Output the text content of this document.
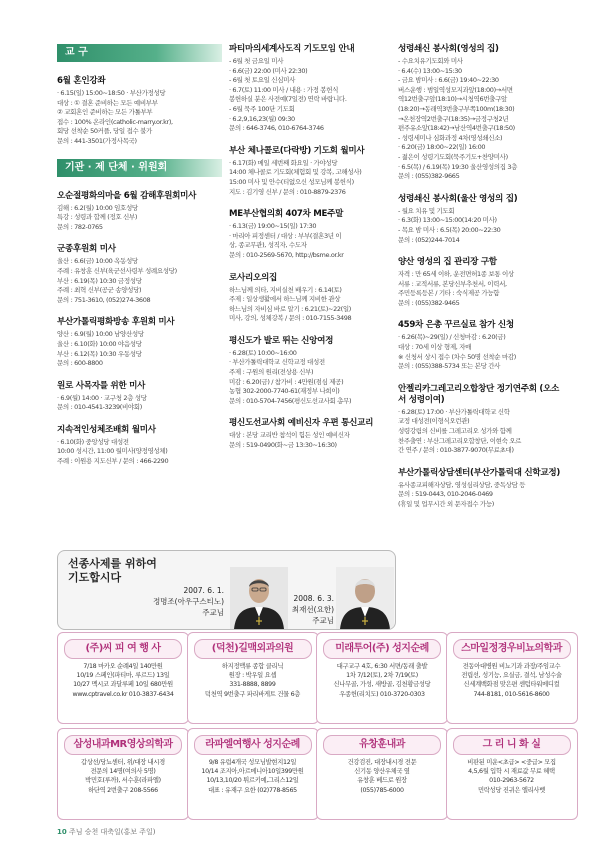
교 구
6월 혼인강좌
· 6.15(일) 15:00~18:50 · 부산가정성당
대상 : ① 결혼 준비하는 모든 예비부부
② 교회혼인 준비하는 모든 가톨부부
접수 : 100% 온라인(catholic-marry.or.kr),
회당 선착순 50커플, 당일 접수 불가
문의 : 441-3501(가정사목국)
기관 · 제 단체 · 위원회
오순절평화의마을 6월 감해후원회미사
김해 : 6.2(월) 10:00 임호성당
특강 : 성령과 합께 (정호 신부)
문의 : 782-0765
군종후원회 미사
울산 : 6.6(금) 10:00 옥동성당
주례 : 유창훈 신부(육군선사령부 성례요성당)
부산 : 6.19(목) 10:30 금정성당
주례 : 최혁 신부(공군 송양성당)
문의 : 751-3610, (052)274-3608
부산가톨릭평화방송 후원회 미사
양산 : 6.9(월) 10:00 남양산성당
울산 : 6.10(화) 10:00 야음성당
부산 : 6.12(목) 10:30 우동성당
문의 : 600-8800
원로 사목자를 위한 미사
· 6.9(월) 14:00 · 교구청 2층 성당
문의 : 010-4541-3239(비야회)
지속적인성체조배회 월미사
· 6.10(화) 중앙성당 대성전
10:00 성시간, 11:00 월미사(양정영성체)
주례 : 이원용 지도신부 / 문의 : 466-2290
파티마의세계사도직 기도모임 안내
- 6월 첫 금요일 미사
· 6.6(금) 22:00 (미사 22:30)
- 6월 첫 토요일 신심미사
· 6.7(토) 11:00 미사 / 내용 : 가정 봉헌식
봉헌하실 분은 사전예(7일전) 연락 바랍니다.
- 6월 묵주 100단 기도회
· 6.2,9,16,23(월) 09:30
문의 : 646-3746, 010-6764-3746
부산 체나콜로(다락방) 기도회 월미사
· 6.17(화) 메일 세번째 화요일 · 가야성당
14:00 체나콜로 기도회(체험회 및 강복, 고해성사)
15:00 미사 및 안수(티없으신 성모님께 봉헌식)
지도 : 김기영 신부 / 문의 : 010-8879-2376
ME부산협의회 407차 ME주말
· 6.13(금) 19:00~15(일) 17:30
· 마리아 피정센터 / 대상 : 부부(결혼3년 이
상, 종교무관), 성직자, 수도자
문의 : 010-2569-5670, http://bsme.or.kr
로사리오의집
하느님께 의타, 지비실천 배우기 : 6.14(토)
주제 : 일상생활에서 하느님께 지비한 관상
하느님의 자비심 바로 알기 : 6.21(토)~22(일)
미사, 강의, 성체강복 / 문의 : 010-7155-3498
평신도가 발로 뛰는 신앙여정
· 6.28(토) 10:00~16:00
· 부산가톨릭대학교 신학교정 대성전
주제 : 구원의 원리(전상용 신부)
미감 : 6.20(금) / 참가비 : 4만원(점심 제공)
농협 302-2000-7740-61(재정부 나희이)
문의 : 010-5704-7456(평신도선교사회 총무)
평신도선교사회 예비신자 우편 통신교리
대상 : 본당 교리반 참석이 힘든 성인 예비신자
문의 : 519-0490(화~금 13:30~16:30)
성령쇄신 봉사회(영성의 집)
- 수요치유기도회와 미사
· 6.4(수) 13:00~15:30
- 금요 밤미사 : 6.6(금) 19:40~22:30
버스운행 : 범일역성모지과앞(18:00)→서면
역12번출구앞(18:10)→시청역6번출구앞
(18:20)→동래역3번출구부쪽100m(18:30)
→온천장역2번출구(18:35)→금정구청2년
편주유소앞(18:42)→남산역4번출구(18:50)
- 성령세미나 심화과정 4차(영성쇄신소)
· 6.20(금) 18:00~22(일) 16:00
- 젊은이 성령기도회(묵주기도+찬양미사)
· 6.5(목) / 6.19(목) 19:30 울산영성의집 3층
문의 : (055)382-9665
성령쇄신 봉사회(울산 영성의 집)
- 월요 치유 및 기도회
· 6.3(화) 13:00~15:00(14:20 미사)
- 목요 밤 미사 : 6.5(목) 20:00~22:30
문의 : (052)244-7014
양산 영성의 집 관리장 구함
자격 : 만 65세 이하, 운전면허1종 보통 이상
서류 : 교적서류, 본당신부추천서, 이력서,
주민등록등본 / 기타 : 숙식제공 가능함
문의 : (055)382-9465
459차 은총 꾸르실료 참가 신청
· 6.26(목)~29(일) / 신청마감 : 6.20(금)
대상 : 70세 이상 형제, 자매
※ 신청서 상시 접수 (차수 50명 선착순 마감)
문의 : (055)388-5734 또는 본당 간사
안젤리카그레고리오합창단 정기연주회 (오소서 성령이여)
· 6.28(토) 17:00 · 부산가톨릭대학교 신학
교정 대성전(이형식오런관)
성령강림의 신비를 그레고리오 성가와 함께
찬주출연 : 부산그레고리오합창단, 이현숙 오르
간 연주 / 문의 : 010-3877-9070(무료초대)
부산가톨릭상담센터(부산가톨릭대 신학교정)
유사종교피해자상담, 영성심리상담, 중독상담 등
문의 : 519-0443, 010-2046-0469
(휴일 및 업무시간 외 문자접수 가능)
선종사제를 위하여
기도합시다
2007. 6. 1.
정명조(아우구스티노)
주교님
2008. 6. 3.
최재선(요한)
주교님
(주)씨 피 여 행 사
7/18 마카오 순례4일 140만원
10/19 스페인(파티마, 루르드) 13일
10/27 멕시코 과달루페 10일 680만원
www.cptravel.co.kr 010-3837-6434
(덕천)길맥외과의원
하지정맥류 종합 클리닉
원장 : 박우일 요셉
331-8888, 8899
덕천역 9번출구 파리바게트 건물 6층
미래투어(주) 성지순례
대구교구 4호, 6:30 서면/동래 출발
1차 7/12(토), 2차 7/19(토)
신나무골, 가성, 새방골, 김천황금성당
우종헌(리치도) 010-3720-0303
스마일정경우비뇨의학과
전동아대병원 비뇨기과 과장/주임교수
전립선, 성기능, 요실금, 결석, 남성수술
신세계백화점 맞은편 센텀타워메디컬
744-8181, 010-5616-8600
삼성내과MR영상의학과
갑상선/당뇨센터, 위/대장 내시경
전문의 14명(여의사 5명)
박민호(루까), 서수훈(라파엘)
하단역 2번출구 208-5566
라파엘여행사 성지순례
9/8 유럽4개국 성모님발현지12일
10/14 조지아,아르메니아10일399만원
10/13,10/20 튀르키예,그리스12일
대표 : 유재구 요한 (02)778-8565
유창훈내과
건강검진, 대장내시경 전문
신기동 양산우체국 옆
유창훈 베드로 원장
(055)785-6000
그 리 니 화 실
비판된 미운<초급> <중급> 모집
4,5,6월 입학 시 재료값 무료 혜택
010-2963-5672
민락성당 진귀은 엘리사벳
10 주님 승천 대축일(홍보 주일)
